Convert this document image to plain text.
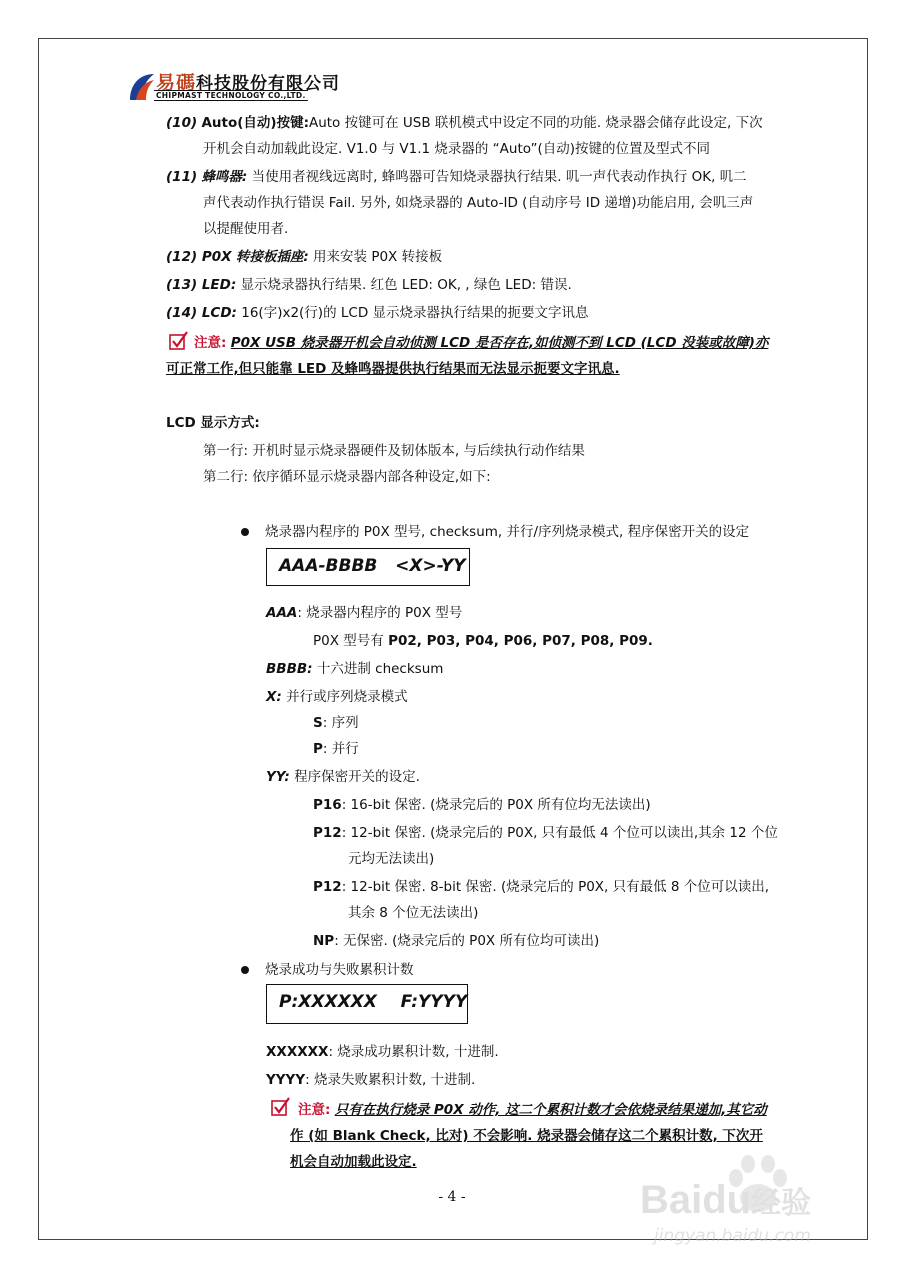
易碼科技股份有限公司
CHIPMAST TECHNOLOGY CO.,LTD.
(10) Auto(自动)按键:Auto 按键可在 USB 联机模式中设定不同的功能. 烧录器会储存此设定, 下次
开机会自动加载此设定. V1.0 与 V1.1 烧录器的 “Auto”(自动)按键的位置及型式不同
(11) 蜂鸣器: 当使用者视线远离时, 蜂鸣器可告知烧录器执行结果. 叽一声代表动作执行 OK, 叽二
声代表动作执行错误 Fail. 另外, 如烧录器的 Auto-ID (自动序号 ID 递增)功能启用, 会叽三声
以提醒使用者.
(12) P0X 转接板插座: 用来安装 P0X 转接板
(13) LED: 显示烧录器执行结果. 红色 LED: OK, , 绿色 LED: 错误.
(14) LCD: 16(字)x2(行)的 LCD 显示烧录器执行结果的扼要文字讯息
注意: P0X USB 烧录器开机会自动侦测 LCD 是否存在,如侦测不到 LCD (LCD 没装或故障)亦
可正常工作,但只能靠 LED 及蜂鸣器提供执行结果而无法显示扼要文字讯息.
LCD 显示方式:
第一行: 开机时显示烧录器硬件及韧体版本, 与后续执行动作结果
第二行: 依序循环显示烧录器内部各种设定,如下:
烧录器内程序的 P0X 型号, checksum, 并行/序列烧录模式, 程序保密开关的设定
AAA-BBBB   <X>-YY
AAA: 烧录器内程序的 P0X 型号
P0X 型号有 P02, P03, P04, P06, P07, P08, P09.
BBBB: 十六进制 checksum
X: 并行或序列烧录模式
S: 序列
P: 并行
YY: 程序保密开关的设定.
P16: 16-bit 保密. (烧录完后的 P0X 所有位均无法读出)
P12: 12-bit 保密. (烧录完后的 P0X, 只有最低 4 个位可以读出,其余 12 个位
元均无法读出)
P12: 12-bit 保密. 8-bit 保密. (烧录完后的 P0X, 只有最低 8 个位可以读出,
其余 8 个位无法读出)
NP: 无保密. (烧录完后的 P0X 所有位均可读出)
烧录成功与失败累积计数
P:XXXXXX    F:YYYY
XXXXXX: 烧录成功累积计数, 十进制.
YYYY: 烧录失败累积计数, 十进制.
注意: 只有在执行烧录 P0X 动作, 这二个累积计数才会依烧录结果递加,其它动
作 (如 Blank Check, 比对) 不会影响. 烧录器会储存这二个累积计数, 下次开
机会自动加载此设定.
- 4 -	Baidu经验
jingyan.baidu.com
